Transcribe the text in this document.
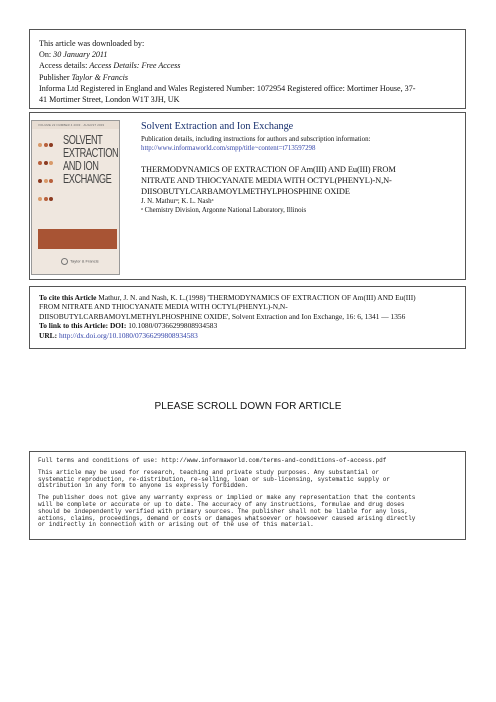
This article was downloaded by:
On: 30 January 2011
Access details: Access Details: Free Access
Publisher Taylor & Francis
Informa Ltd Registered in England and Wales Registered Number: 1072954 Registered office: Mortimer House, 37-
41 Mortimer Street, London W1T 3JH, UK
VOLUME 22 NUMBER 4 2003 · AUGUST 2003

SOLVENT
EXTRACTION
AND ION
EXCHANGE
Taylor & Francis
Solvent Extraction and Ion Exchange
Publication details, including instructions for authors and subscription information:
http://www.informaworld.com/smpp/title~content=t713597298
THERMODYNAMICS OF EXTRACTION OF Am(III) AND Eu(III) FROM
NITRATE AND THIOCYANATE MEDIA WITH OCTYL(PHENYL)-N,N-
DIISOBUTYLCARBAMOYLMETHYLPHOSPHINE OXIDE
J. N. Mathurᵃ; K. L. Nashᵃ
ᵃ Chemistry Division, Argonne National Laboratory, Illinois
To cite this Article Mathur, J. N. and Nash, K. L.(1998) 'THERMODYNAMICS OF EXTRACTION OF Am(III) AND Eu(III)
FROM NITRATE AND THIOCYANATE MEDIA WITH OCTYL(PHENYL)-N,N-
DIISOBUTYLCARBAMOYLMETHYLPHOSPHINE OXIDE', Solvent Extraction and Ion Exchange, 16: 6, 1341 — 1356
To link to this Article: DOI: 10.1080/07366299808934583
URL: http://dx.doi.org/10.1080/07366299808934583
PLEASE SCROLL DOWN FOR ARTICLE

Full terms and conditions of use: http://www.informaworld.com/terms-and-conditions-of-access.pdf

This article may be used for research, teaching and private study purposes. Any substantial or
systematic reproduction, re-distribution, re-selling, loan or sub-licensing, systematic supply or
distribution in any form to anyone is expressly forbidden.

The publisher does not give any warranty express or implied or make any representation that the contents
will be complete or accurate or up to date. The accuracy of any instructions, formulae and drug doses
should be independently verified with primary sources. The publisher shall not be liable for any loss,
actions, claims, proceedings, demand or costs or damages whatsoever or howsoever caused arising directly
or indirectly in connection with or arising out of the use of this material.
